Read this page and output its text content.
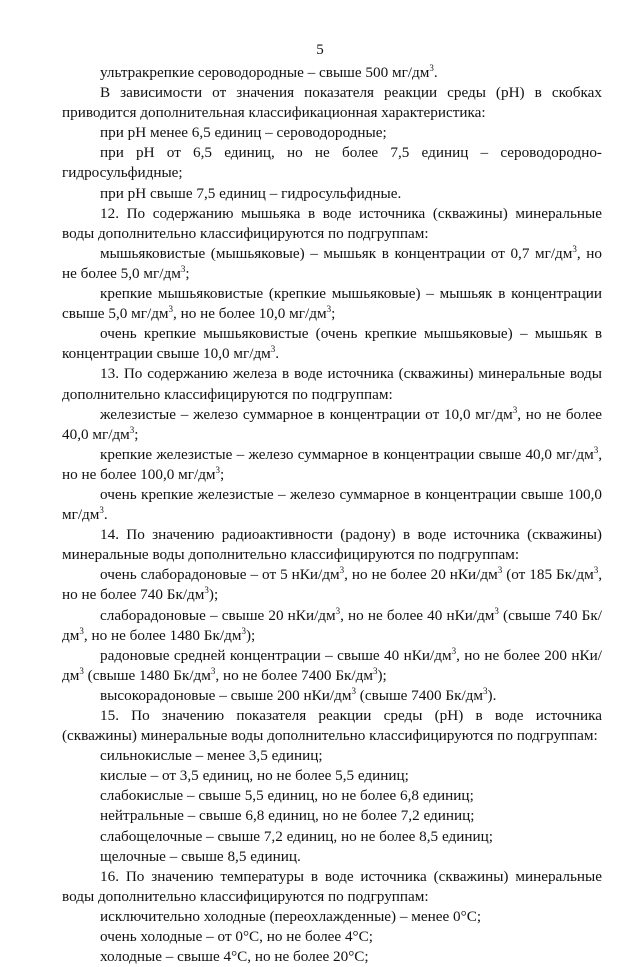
5

ультракрепкие сероводородные – свыше 500 $мг/дм^3$.

В зависимости от значения показателя реакции среды (pH) в скобках приводится дополнительная классификационная характеристика:

при pH менее 6,5 единиц – сероводородные;

при pH от 6,5 единиц, но не более 7,5 единиц – сероводородно-гидросульфидные;

при pH свыше 7,5 единиц – гидросульфидные.

12. По содержанию мышьяка в воде источника (скважины) минеральные воды дополнительно классифицируются по подгруппам:

мышьяковистые (мышьяковые) – мышьяк в концентрации от 0,7 $мг/дм^3$, но не более 5,0 $мг/дм^3$;

крепкие мышьяковистые (крепкие мышьяковые) – мышьяк в концентрации свыше 5,0 $мг/дм^3$, но не более 10,0 $мг/дм^3$;

очень крепкие мышьяковистые (очень крепкие мышьяковые) – мышьяк в концентрации свыше 10,0 $мг/дм^3$.

13. По содержанию железа в воде источника (скважины) минеральные воды дополнительно классифицируются по подгруппам:

железистые – железо суммарное в концентрации от 10,0 $мг/дм^3$, но не более 40,0 $мг/дм^3$;

крепкие железистые – железо суммарное в концентрации свыше 40,0 $мг/дм^3$, но не более 100,0 $мг/дм^3$;

очень крепкие железистые – железо суммарное в концентрации свыше 100,0 $мг/дм^3$.

14. По значению радиоактивности (радону) в воде источника (скважины) минеральные воды дополнительно классифицируются по подгруппам:

очень слаборадоновые – от 5 нКи/$дм^3$, но не более 20 нКи/$дм^3$ (от 185 $Бк/дм^3$, но не более 740 $Бк/дм^3$);

слаборадоновые – свыше 20 нКи/$дм^3$, но не более 40 нКи/$дм^3$ (свыше 740 $Бк/дм^3$, но не более 1480 $Бк/дм^3$);

радоновые средней концентрации – свыше 40 нКи/$дм^3$, но не более 200 нКи/$дм^3$ (свыше 1480 $Бк/дм^3$, но не более 7400 $Бк/дм^3$);

высокорадоновые – свыше 200 нКи/$дм^3$ (свыше 7400 $Бк/дм^3$).

15. По значению показателя реакции среды (pH) в воде источника (скважины) минеральные воды дополнительно классифицируются по подгруппам:

сильнокислые – менее 3,5 единиц;

кислые – от 3,5 единиц, но не более 5,5 единиц;

слабокислые – свыше 5,5 единиц, но не более 6,8 единиц;

нейтральные – свыше 6,8 единиц, но не более 7,2 единиц;

слабощелочные – свыше 7,2 единиц, но не более 8,5 единиц;

щелочные – свыше 8,5 единиц.

16. По значению температуры в воде источника (скважины) минеральные воды дополнительно классифицируются по подгруппам:

исключительно холодные (переохлажденные) – менее 0°C;

очень холодные – от 0°C, но не более 4°C;

холодные – свыше 4°C, но не более 20°C;
